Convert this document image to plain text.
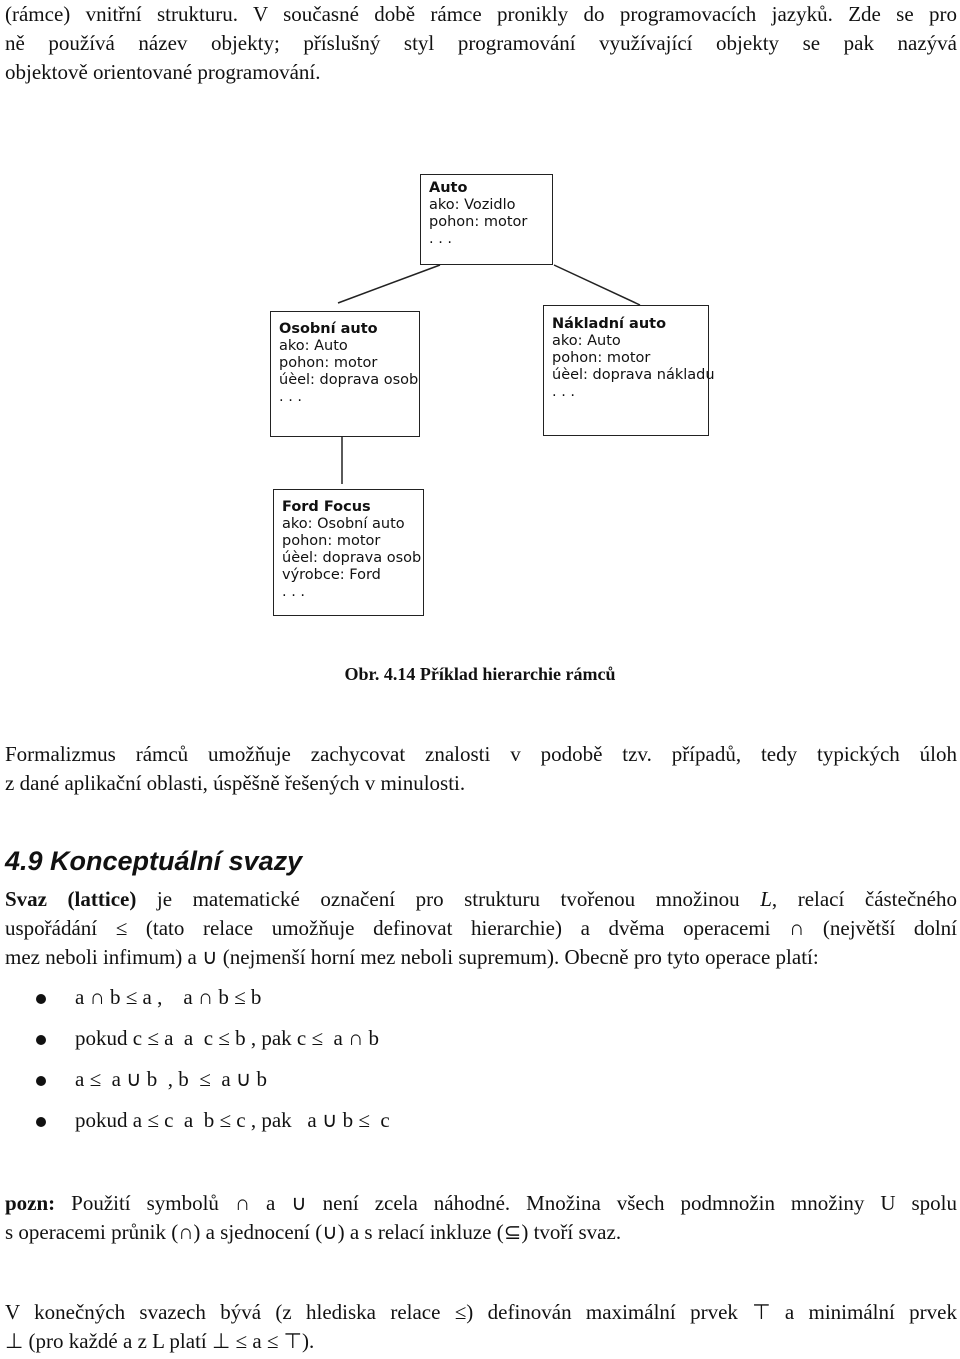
(rámce) vnitřní strukturu. V současné době rámce pronikly do programovacích jazyků. Zde se pro

ně používá název objekty; příslušný styl programování využívající objekty se pak nazývá

objektově orientované programování.

Auto
ako: Vozidlo
pohon: motor
. . .
Osobní auto
ako: Auto
pohon: motor
úèel: doprava osob
. . .
Nákladní auto
ako: Auto
pohon: motor
úèel: doprava nákladu
. . .
Ford Focus
ako: Osobní auto
pohon: motor
úèel: doprava osob
výrobce: Ford
. . .
Obr. 4.14 Příklad hierarchie rámců

Formalizmus rámců umožňuje zachycovat znalosti v podobě tzv. případů, tedy typických úloh

z dané aplikační oblasti, úspěšně řešených v minulosti.

4.9 Konceptuální svazy

Svaz (lattice) je matematické označení pro strukturu tvořenou množinou L, relací částečného

uspořádání ≤ (tato relace umožňuje definovat hierarchie) a dvěma operacemi ∩ (největší dolní

mez neboli infimum) a ∪ (nejmenší horní mez neboli supremum). Obecně pro tyto operace platí:

a ∩ b ≤ a ,    a ∩ b ≤ b
pokud c ≤ a  a  c ≤ b , pak c ≤  a ∩ b
a ≤  a ∪ b  , b  ≤  a ∪ b
pokud a ≤ c  a  b ≤ c , pak   a ∪ b ≤  c

pozn: Použití symbolů ∩ a ∪ není zcela náhodné. Množina všech podmnožin množiny U spolu

s operacemi průnik (∩) a sjednocení (∪) a s relací inkluze (⊆) tvoří svaz.

V konečných svazech bývá (z hlediska relace ≤) definován maximální prvek ⊤ a minimální prvek

⊥ (pro každé a z L platí ⊥ ≤ a ≤ ⊤).
